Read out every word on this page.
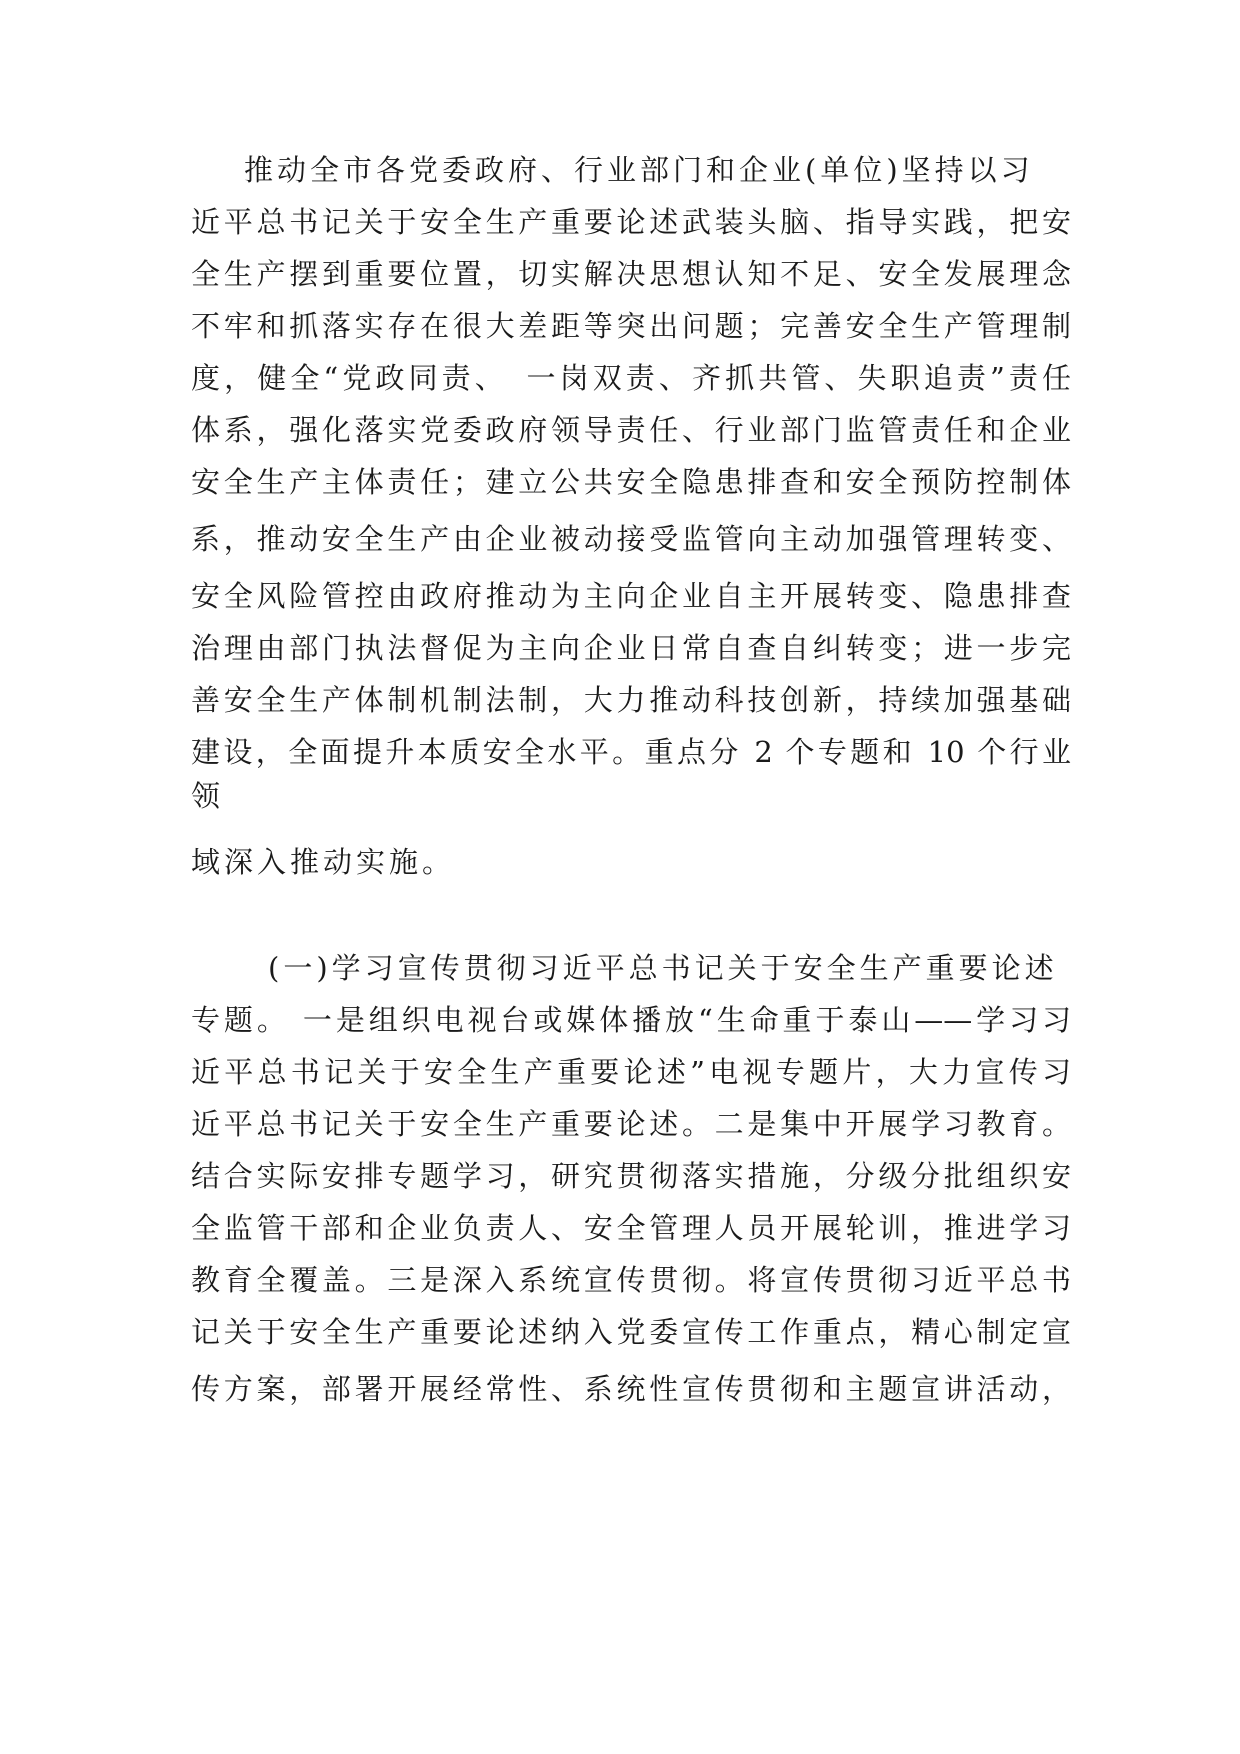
推动全市各党委政府、行业部门和企业(单位)坚持以习
近平总书记关于安全生产重要论述武装头脑、指导实践，把安
全生产摆到重要位置，切实解决思想认知不足、安全发展理念
不牢和抓落实存在很大差距等突出问题；完善安全生产管理制
度，健全“党政同责、　一岗双责、齐抓共管、失职追责”责任
体系，强化落实党委政府领导责任、行业部门监管责任和企业
安全生产主体责任；建立公共安全隐患排查和安全预防控制体
系，推动安全生产由企业被动接受监管向主动加强管理转变、
安全风险管控由政府推动为主向企业自主开展转变、隐患排查
治理由部门执法督促为主向企业日常自查自纠转变；进一步完
善安全生产体制机制法制，大力推动科技创新，持续加强基础
建设，全面提升本质安全水平。重点分 2 个专题和 10 个行业
领
域深入推动实施。
(一)学习宣传贯彻习近平总书记关于安全生产重要论述
专题。 一是组织电视台或媒体播放“生命重于泰山——学习习
近平总书记关于安全生产重要论述”电视专题片，大力宣传习
近平总书记关于安全生产重要论述。二是集中开展学习教育。
结合实际安排专题学习，研究贯彻落实措施，分级分批组织安
全监管干部和企业负责人、安全管理人员开展轮训，推进学习
教育全覆盖。三是深入系统宣传贯彻。将宣传贯彻习近平总书
记关于安全生产重要论述纳入党委宣传工作重点，精心制定宣
传方案，部署开展经常性、系统性宣传贯彻和主题宣讲活动，
